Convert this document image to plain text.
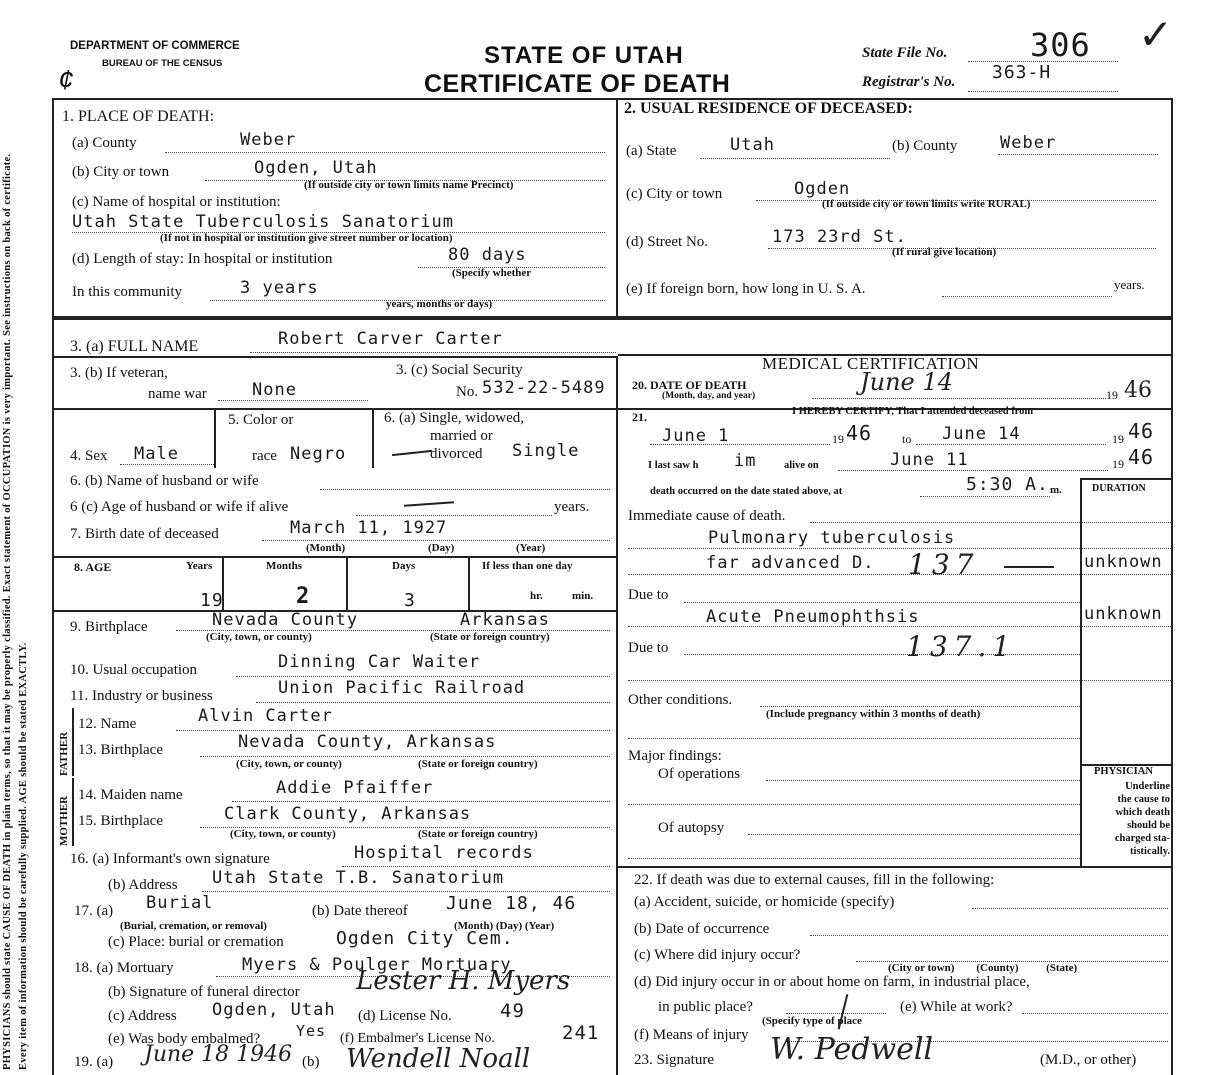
PHYSICIANS should state CAUSE OF DEATH in plain terms, so that it may be properly classified. Exact statement of OCCUPATION is very important. See instructions on back of certificate. Every item of information should be carefully supplied. AGE should be stated EXACTLY.
DEPARTMENT OF COMMERCE
BUREAU OF THE CENSUS
¢
STATE OF UTAH
CERTIFICATE OF DEATH
State File No.	306
Registrar's No. 363-H
✓
1. PLACE OF DEATH:
(a) County	Weber
(b) City or town	Ogden, Utah
(If outside city or town limits name Precinct)
(c) Name of hospital or institution:
Utah State Tuberculosis Sanatorium
(If not in hospital or institution give street number or location)
(d) Length of stay: In hospital or institution	80 days
(Specify whether
In this community	3 years
years, months or days)
2. USUAL RESIDENCE OF DECEASED:
(a) State	Utah	(b) County	Weber
(c) City or town	Ogden
(If outside city or town limits write RURAL)
(d) Street No.	173 23rd St.
(If rural give location)
(e) If foreign born, how long in U. S. A.	years.
3. (a) FULL NAME	Robert Carver Carter
3. (b) If veteran,
name war	None
3. (c) Social Security
No. 532-22-5489
5. Color or
race Negro
6. (a) Single, widowed,
married or
divorced Single
4. Sex Male
6. (b) Name of husband or wife
6 (c) Age of husband or wife if alive	years.
7. Birth date of deceased	March 11, 1927
(Month)	(Day)	(Year)
8. AGE	Years	Months	Days	If less than one day
19	2	3	hr.	min.
9. Birthplace	Nevada County	Arkansas
(City, town, or county)	(State or foreign country)
10. Usual occupation	Dinning Car Waiter
11. Industry or business	Union Pacific Railroad
FATHER
12. Name	Alvin Carter
13. Birthplace	Nevada County, Arkansas
(City, town, or county)	(State or foreign country)
MOTHER
14. Maiden name	Addie Pfaiffer
15. Birthplace	Clark County, Arkansas
(City, town, or county)	(State or foreign country)
16. (a) Informant's own signature	Hospital records
(b) Address Utah State T.B. Sanatorium
17. (a) Burial
(Burial, cremation, or removal)
(b) Date thereof June 18, 46
(Month) (Day) (Year)
(c) Place: burial or cremation	Ogden City Cem.
18. (a) Mortuary	Myers & Poulger Mortuary
(b) Signature of funeral director Lester H. Myers
(c) Address Ogden, Utah (d) License No.	49
(e) Was body embalmed? Yes (f) Embalmer's License No.	241
19. (a) June 18 1946 (b) Wendell Noall
MEDICAL CERTIFICATION
20. DATE OF DEATH
(Month, day, and year)	June 14	19 46
21.	I HEREBY CERTIFY, That I attended deceased from
June 1	19 46 to June 14	19 46
I last saw h im	alive on	June 11	19 46
death occurred on the date stated above, at	5:30 A. m.	DURATION
Immediate cause of death.
Pulmonary tuberculosis
far advanced D. 137	unknown
Due to
Acute Pneumophthsis	unknown
Due to	137.1
Other conditions.
(Include pregnancy within 3 months of death)
Major findings:
Of operations
Of autopsy
PHYSICIAN
Underline
the cause to
which death
should be
charged sta-
tistically.
22. If death was due to external causes, fill in the following:
(a) Accident, suicide, or homicide (specify)
(b) Date of occurrence
(c) Where did injury occur?
(City or town)        (County)          (State)
(d) Did injury occur in or about home on farm, in industrial place,
in public place?
(Specify type of place
(e) While at work?
(f) Means of injury
23. Signature W. Pedwell	(M.D., or other)
